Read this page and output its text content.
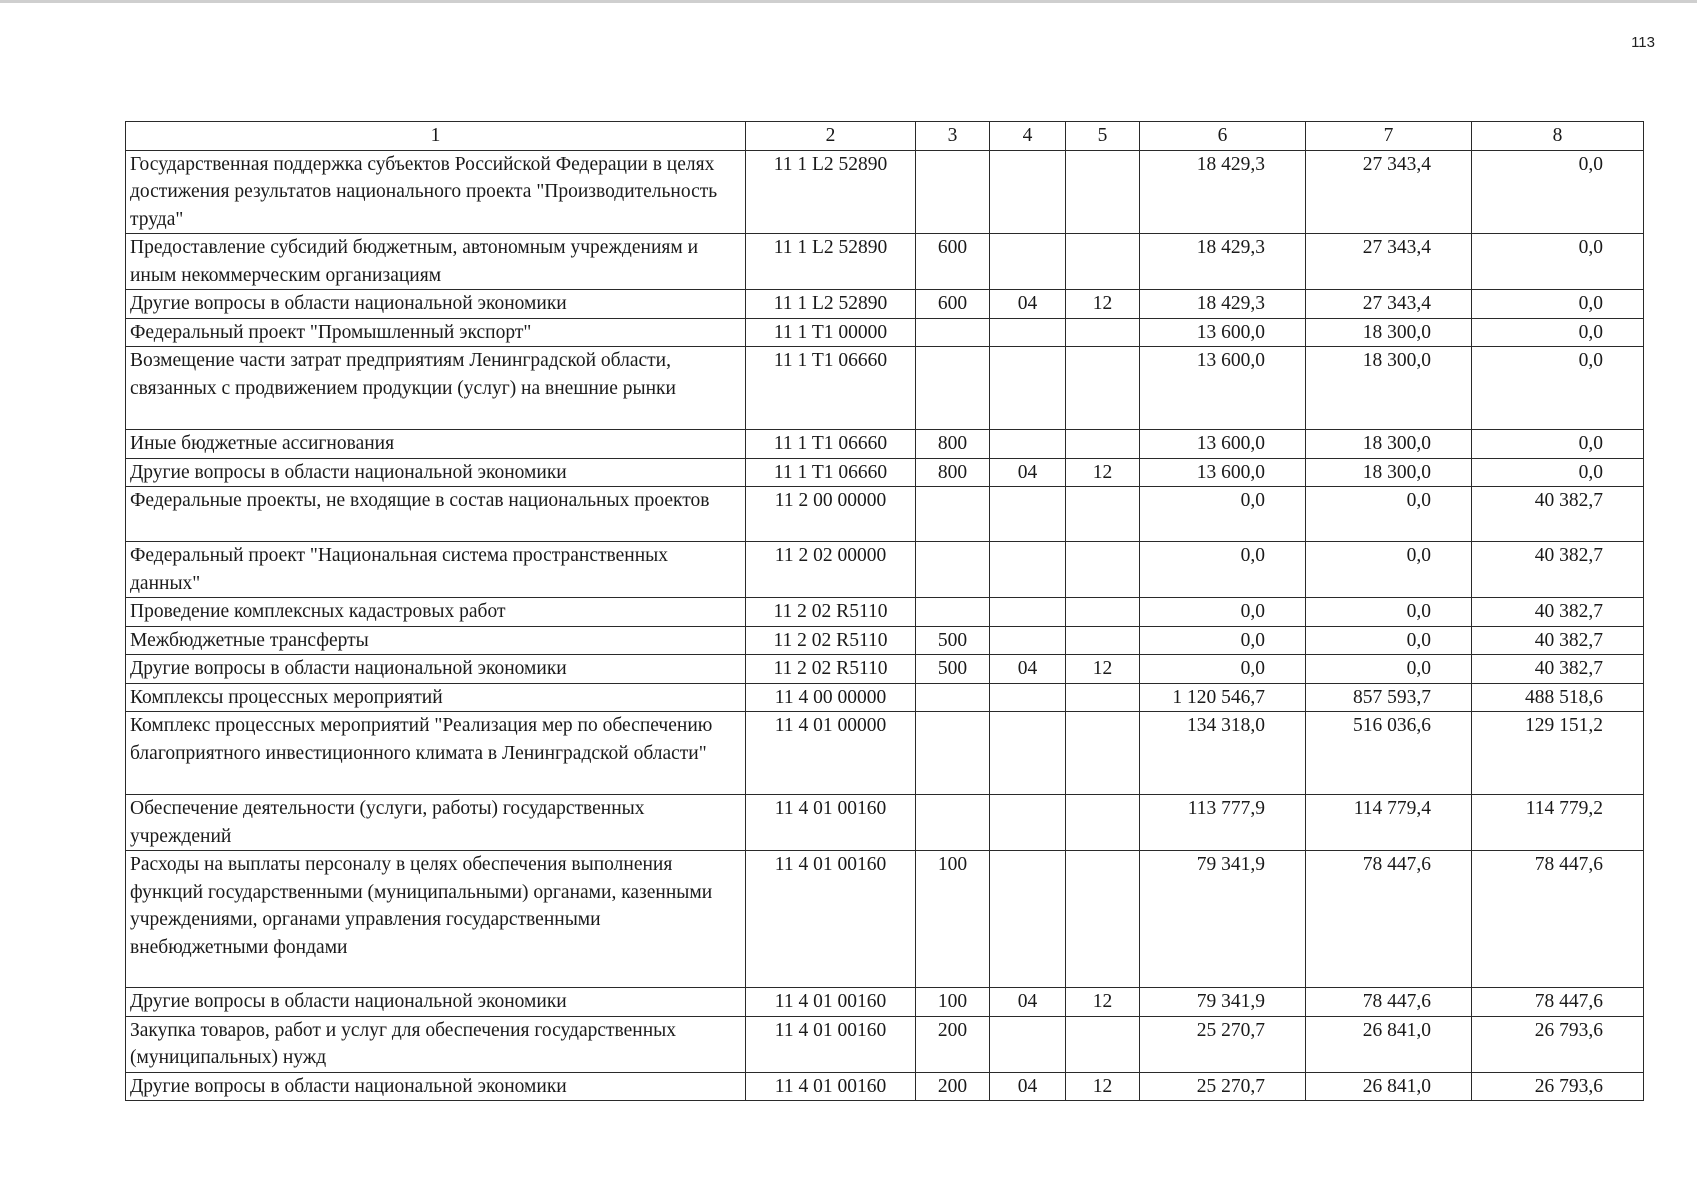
113
1	2	3	4	5	6	7	8
Государственная поддержка субъектов Российской Федерации в целях достижения результатов национального проекта "Производительность труда"	11 1 L2 52890				18 429,3	27 343,4	0,0
Предоставление субсидий бюджетным, автономным учреждениям и иным некоммерческим организациям	11 1 L2 52890	600			18 429,3	27 343,4	0,0
Другие вопросы в области национальной экономики	11 1 L2 52890	600	04	12	18 429,3	27 343,4	0,0
Федеральный проект "Промышленный экспорт"	11 1 T1 00000				13 600,0	18 300,0	0,0
Возмещение части затрат предприятиям Ленинградской области, связанных с продвижением продукции (услуг) на внешние рынки	11 1 T1 06660				13 600,0	18 300,0	0,0
Иные бюджетные ассигнования	11 1 T1 06660	800			13 600,0	18 300,0	0,0
Другие вопросы в области национальной экономики	11 1 T1 06660	800	04	12	13 600,0	18 300,0	0,0
Федеральные проекты, не входящие в состав национальных проектов	11 2 00 00000				0,0	0,0	40 382,7
Федеральный проект "Национальная система пространственных данных"	11 2 02 00000				0,0	0,0	40 382,7
Проведение комплексных кадастровых работ	11 2 02 R5110				0,0	0,0	40 382,7
Межбюджетные трансферты	11 2 02 R5110	500			0,0	0,0	40 382,7
Другие вопросы в области национальной экономики	11 2 02 R5110	500	04	12	0,0	0,0	40 382,7
Комплексы процессных мероприятий	11 4 00 00000				1 120 546,7	857 593,7	488 518,6
Комплекс процессных мероприятий "Реализация мер по обеспечению благоприятного инвестиционного климата в Ленинградской области"	11 4 01 00000				134 318,0	516 036,6	129 151,2
Обеспечение деятельности (услуги, работы) государственных учреждений	11 4 01 00160				113 777,9	114 779,4	114 779,2
Расходы на выплаты персоналу в целях обеспечения выполнения функций государственными (муниципальными) органами, казенными учреждениями, органами управления государственными внебюджетными фондами	11 4 01 00160	100			79 341,9	78 447,6	78 447,6
Другие вопросы в области национальной экономики	11 4 01 00160	100	04	12	79 341,9	78 447,6	78 447,6
Закупка товаров, работ и услуг для обеспечения государственных (муниципальных) нужд	11 4 01 00160	200			25 270,7	26 841,0	26 793,6
Другие вопросы в области национальной экономики	11 4 01 00160	200	04	12	25 270,7	26 841,0	26 793,6
